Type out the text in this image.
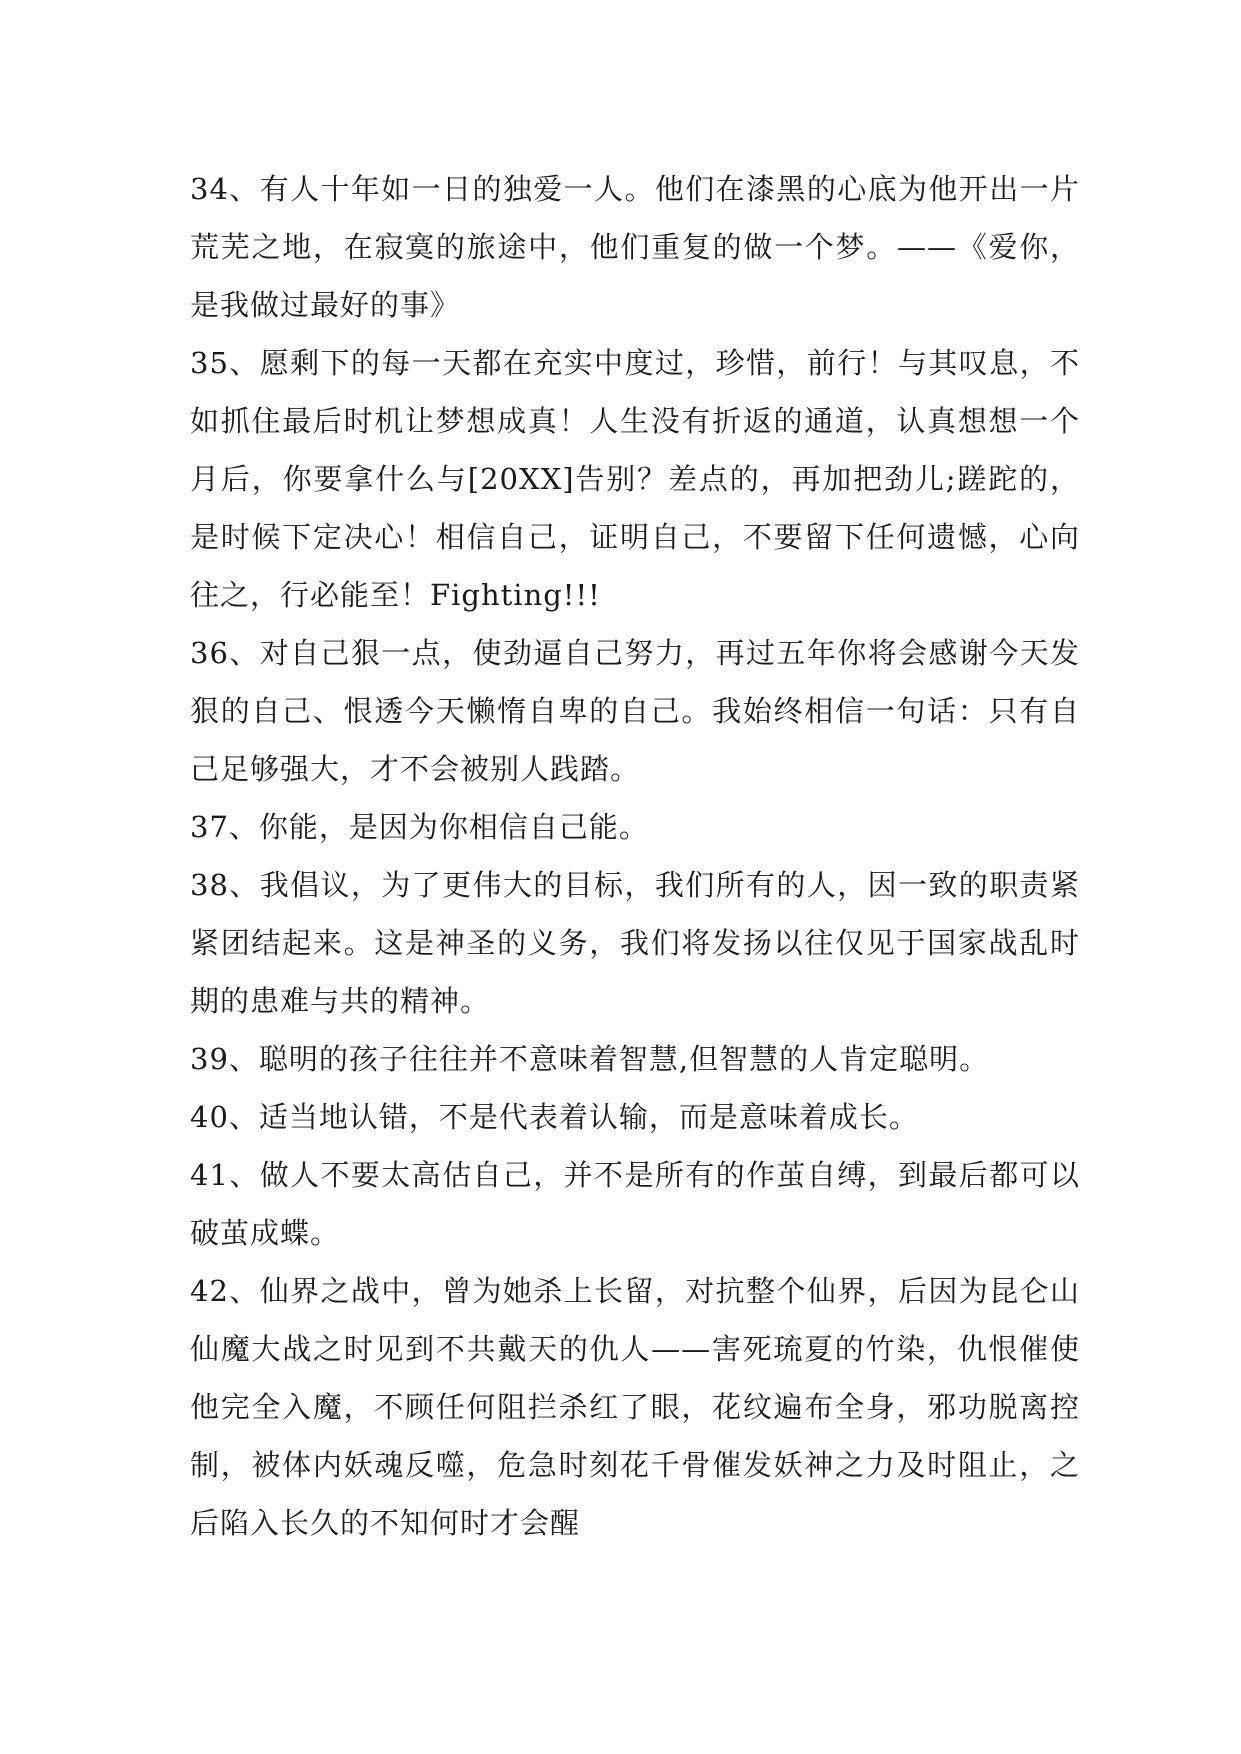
34、有人十年如一日的独爱一人。他们在漆黑的心底为他开出一片荒芜之地，在寂寞的旅途中，他们重复的做一个梦。——《爱你，是我做过最好的事》

35、愿剩下的每一天都在充实中度过，珍惜，前行！与其叹息，不如抓住最后时机让梦想成真！人生没有折返的通道，认真想想一个月后，你要拿什么与[20XX]告别？差点的，再加把劲儿;蹉跎的，是时候下定决心！相信自己，证明自己，不要留下任何遗憾，心向往之，行必能至！Fighting!!!

36、对自己狠一点，使劲逼自己努力，再过五年你将会感谢今天发狠的自己、恨透今天懒惰自卑的自己。我始终相信一句话：只有自己足够强大，才不会被别人践踏。

37、你能，是因为你相信自己能。

38、我倡议，为了更伟大的目标，我们所有的人，因一致的职责紧紧团结起来。这是神圣的义务，我们将发扬以往仅见于国家战乱时期的患难与共的精神。

39、聪明的孩子往往并不意味着智慧,但智慧的人肯定聪明。

40、适当地认错，不是代表着认输，而是意味着成长。

41、做人不要太高估自己，并不是所有的作茧自缚，到最后都可以破茧成蝶。

42、仙界之战中，曾为她杀上长留，对抗整个仙界，后因为昆仑山仙魔大战之时见到不共戴天的仇人——害死琉夏的竹染，仇恨催使他完全入魔，不顾任何阻拦杀红了眼，花纹遍布全身，邪功脱离控制，被体内妖魂反噬，危急时刻花千骨催发妖神之力及时阻止，之后陷入长久的不知何时才会醒
